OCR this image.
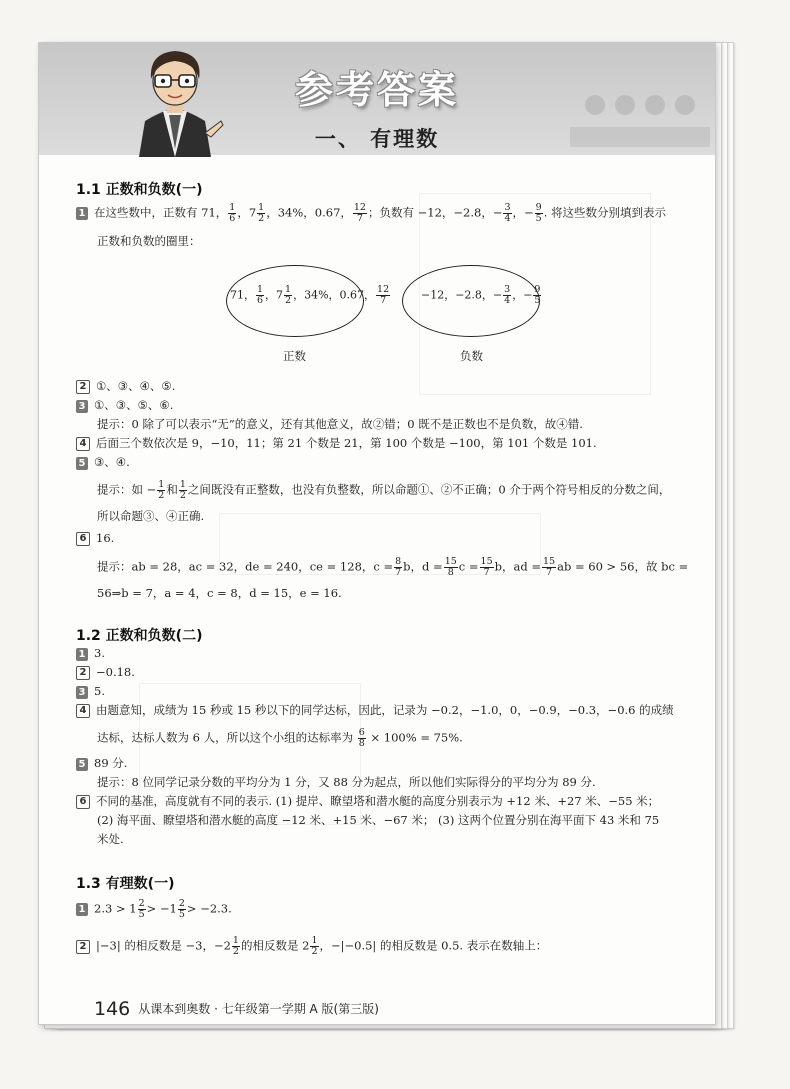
参考答案
一、 有理数
1.1 正数和负数(一)
1 在这些数中，正数有 71， $\frac{1}{6}$ ，$7 \frac{1}{2}$ ，34%，0.67， $\frac{12}{7}$ ；负数有 −12，−2.8，− $\frac{3}{4}$ ，− $\frac{9}{5}$ . 将这些数分别填到表示
正数和负数的圈里：
71， $\frac{1}{6}$ ，$7 \frac{1}{2}$ ，34%，0.67， $\frac{12}{7}$	−12，−2.8，− $\frac{3}{4}$ ，− $\frac{9}{5}$
正数	负数
2 ①、③、④、⑤.
3 ①、③、⑤、⑥.
提示：0 除了可以表示“无”的意义，还有其他意义，故②错；0 既不是正数也不是负数，故④错.
4 后面三个数依次是 9，−10，11；第 21 个数是 21，第 100 个数是 −100，第 101 个数是 101.
5 ③、④.
提示：如 − $\frac{1}{2}$ 和 $\frac{1}{2}$ 之间既没有正整数，也没有负整数，所以命题①、②不正确；0 介于两个符号相反的分数之间，
所以命题③、④正确.
6 16.
提示：ab = 28，ac = 32，de = 240，ce = 128，$c = \frac{8}{7}$ b，$d = \frac{15}{8}$ $c = \frac{15}{7}$ b，ad = $\frac{15}{7}$ ab = 60 > 56，故 bc =
56⇒b = 7，a = 4，c = 8，d = 15，e = 16.
1.2 正数和负数(二)
1 3.
2 −0.18.
3 5.
4 由题意知，成绩为 15 秒或 15 秒以下的同学达标，因此，记录为 −0.2，−1.0，0，−0.9，−0.3，−0.6 的成绩
达标，达标人数为 6 人，所以这个小组的达标率为 $\frac{6}{8} \times 100\% = 75\%$.
5 89 分.
提示：8 位同学记录分数的平均分为 1 分，又 88 分为起点，所以他们实际得分的平均分为 89 分.
6 不同的基准，高度就有不同的表示. (1) 提岸、瞭望塔和潜水艇的高度分别表示为 +12 米、+27 米、−55 米；
(2) 海平面、瞭望塔和潜水艇的高度 −12 米、+15 米、−67 米； (3) 这两个位置分别在海平面下 43 米和 75
米处.
1.3 有理数(一)
1 $2.3 > 1 \frac{2}{5} > -1 \frac{2}{5} > -2.3$.
2 |−3| 的相反数是 −3，$-2 \frac{1}{2}$ 的相反数是 $2 \frac{1}{2}$ ，−|−0.5| 的相反数是 0.5. 表示在数轴上：
146 从课本到奥数 · 七年级第一学期 A 版(第三版)
